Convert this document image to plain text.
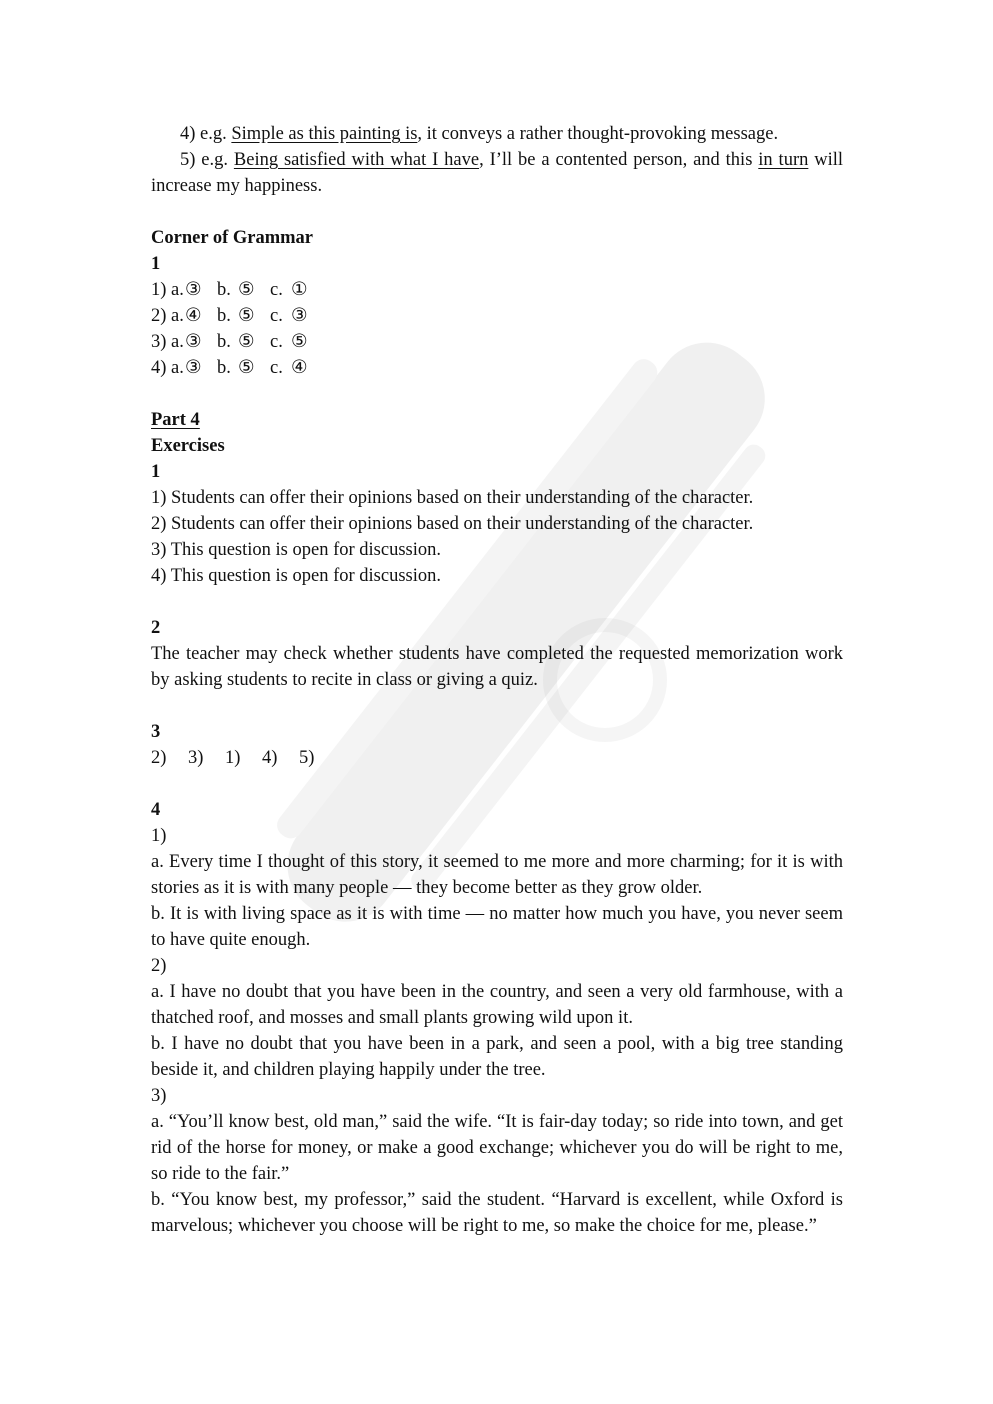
4) e.g. Simple as this painting is, it conveys a rather thought-provoking message.

5) e.g. Being satisfied with what I have, I’ll be a contented person, and this in turn will increase my happiness.

Corner of Grammar

1

1) a.③ b. ⑤ c. ①

2) a.④ b. ⑤ c. ③

3) a.③ b. ⑤ c. ⑤

4) a.③ b. ⑤ c. ④

Part 4

Exercises

1

1) Students can offer their opinions based on their understanding of the character.

2) Students can offer their opinions based on their understanding of the character.

3) This question is open for discussion.

4) This question is open for discussion.

2

The teacher may check whether students have completed the requested memorization work by asking students to recite in class or giving a quiz.

3

2) 3) 1) 4) 5)

4

1)

a. Every time I thought of this story, it seemed to me more and more charming; for it is with stories as it is with many people — they become better as they grow older.

b. It is with living space as it is with time — no matter how much you have, you never seem to have quite enough.

2)

a. I have no doubt that you have been in the country, and seen a very old farmhouse, with a thatched roof, and mosses and small plants growing wild upon it.

b. I have no doubt that you have been in a park, and seen a pool, with a big tree standing beside it, and children playing happily under the tree.

3)

a. “You’ll know best, old man,” said the wife. “It is fair-day today; so ride into town, and get rid of the horse for money, or make a good exchange; whichever you do will be right to me, so ride to the fair.”

b. “You know best, my professor,” said the student. “Harvard is excellent, while Oxford is marvelous; whichever you choose will be right to me, so make the choice for me, please.”
